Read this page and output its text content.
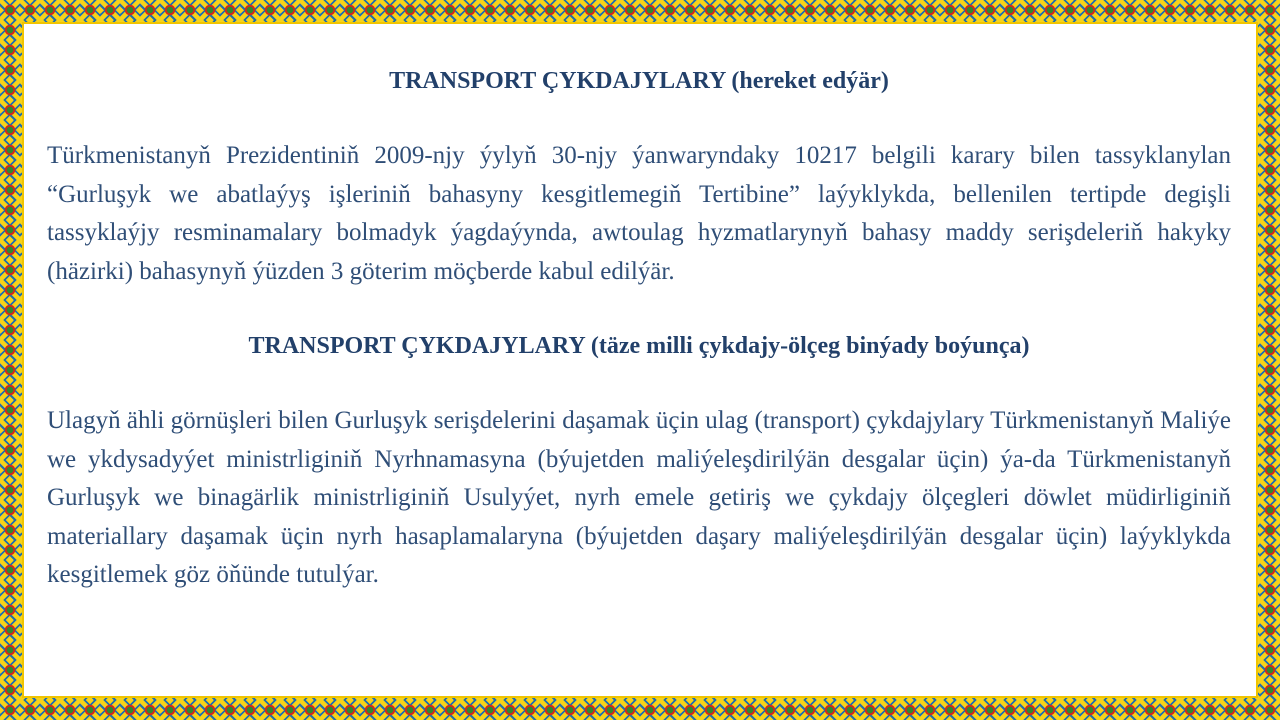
TRANSPORT ÇYKDAJYLARY (hereket edýär)

Türkmenistanyň Prezidentiniň 2009-njy ýylyň 30-njy ýanwaryndaky 10217 belgili karary bilen tassyklanylan “Gurluşyk we abatlaýyş işleriniň bahasyny kesgitlemegiň Tertibine” laýyklykda, bellenilen tertipde degişli tassyklaýjy resminamalary bolmadyk ýagdaýynda, awtoulag hyzmatlarynyň bahasy maddy serişdeleriň hakyky (häzirki) bahasynyň ýüzden 3 göterim möçberde kabul edilýär.

TRANSPORT ÇYKDAJYLARY (täze milli çykdajy-ölçeg binýady boýunça)

Ulagyň ähli görnüşleri bilen Gurluşyk serişdelerini daşamak üçin ulag (transport) çykdajylary Türkmenistanyň Maliýe we ykdysadyýet ministrliginiň Nyrhnamasyna (býujetden maliýeleşdirilýän desgalar üçin) ýa-da Türkmenistanyň Gurluşyk we binagärlik ministrliginiň Usulyýet, nyrh emele getiriş we çykdajy ölçegleri döwlet müdirliginiň materiallary daşamak üçin nyrh hasaplamalaryna (býujetden daşary maliýeleşdirilýän desgalar üçin) laýyklykda kesgitlemek göz öňünde tutulýar.
